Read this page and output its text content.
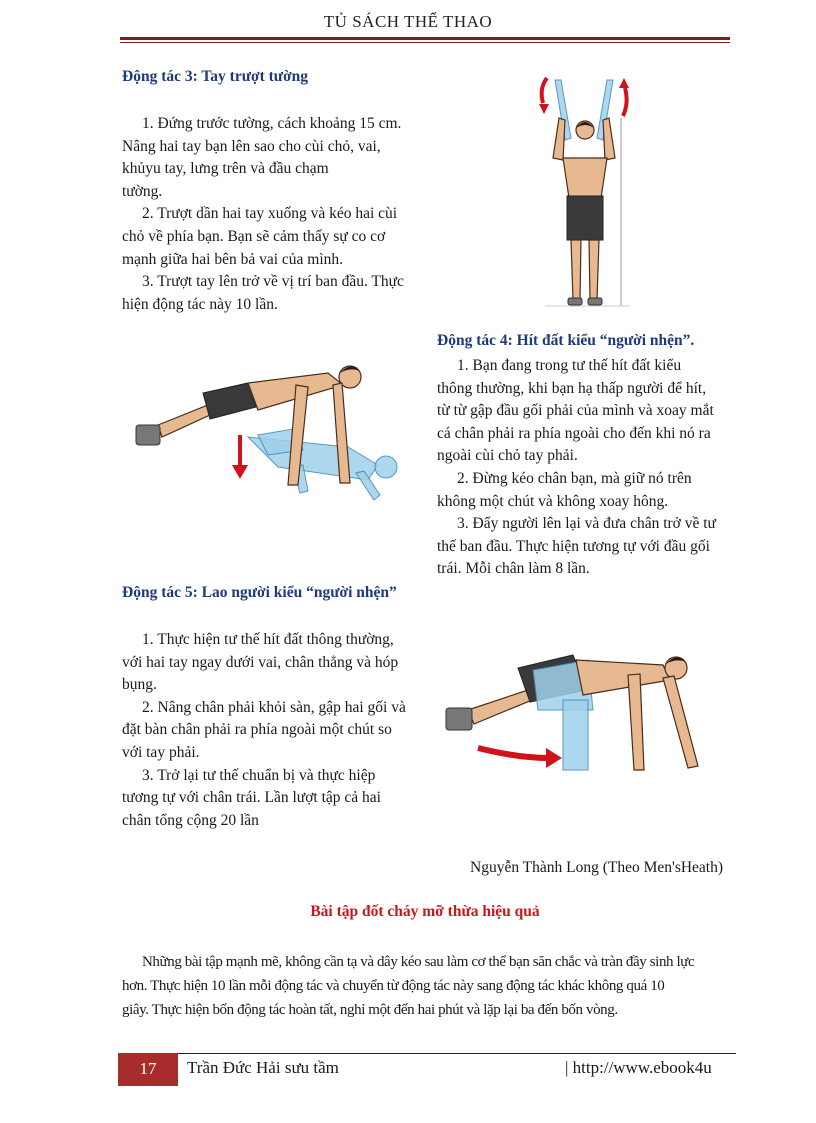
TỦ SÁCH THỂ THAO
Động tác 3: Tay trượt tường

1. Đứng trước tường, cách khoảng 15 cm.

Nâng hai tay bạn lên sao cho cùi chỏ, vai,

khủyu tay, lưng trên và đầu chạm

tường.

2. Trượt dần hai tay xuống và kéo hai cùi

chỏ về phía bạn. Bạn sẽ cảm thấy sự co cơ

mạnh giữa hai bên bả vai của mình.

3. Trượt tay lên trở về vị trí ban đầu. Thực

hiện động tác này 10 lần.

Động tác 4: Hít đất kiểu “người nhện”.

1. Bạn đang trong tư thế hít đất kiểu

thông thường, khi bạn hạ thấp người để hít,

từ từ gập đầu gối phải của mình và xoay mắt

cá chân phải ra phía ngoài cho đến khi nó ra

ngoài cùi chỏ tay phải.

2. Đừng kéo chân bạn, mà giữ nó trên

không một chút và không xoay hông.

3. Đẩy người lên lại và đưa chân trở về tư

thế ban đầu. Thực hiện tương tự với đầu gối

trái. Mỗi chân làm 8 lần.

Động tác 5: Lao người kiểu “người nhện”

1. Thực hiện tư thế hít đất thông thường,

với hai tay ngay dưới vai, chân thẳng và hóp

bụng.

2. Nâng chân phải khỏi sàn, gập hai gối và

đặt bàn chân phải ra phía ngoài một chút so

với tay phải.

3. Trở lại tư thế chuẩn bị và thực hiệp

tương tự với chân trái. Lần lượt tập cả hai

chân tổng cộng 20 lần

Nguyễn Thành Long (Theo Men'sHeath)
Bài tập đốt cháy mỡ thừa hiệu quả

Những bài tập mạnh mẽ, không cần tạ và dây kéo sau làm cơ thể bạn săn chắc và tràn đầy sinh lực

hơn. Thực hiện 10 lần mỗi động tác và chuyển từ động tác này sang động tác khác không quá 10
giây. Thực hiện bốn động tác hoàn tất, nghỉ một đến hai phút và lặp lại ba đến bốn vòng.
17	Trần Đức Hải sưu tầm	| http://www.ebook4u
